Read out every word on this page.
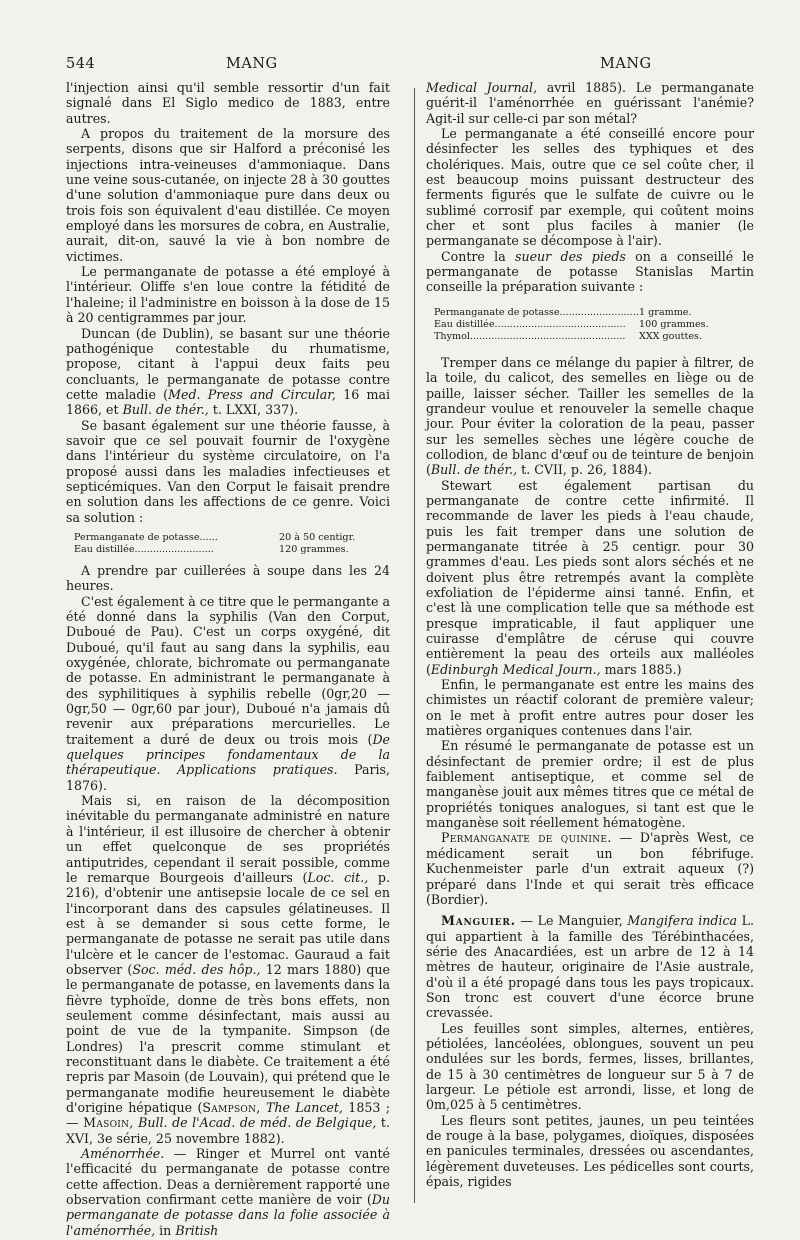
544	MANG	MANG

l'injection ainsi qu'il semble ressortir d'un fait signalé dans El Siglo medico de 1883, entre autres.

A propos du traitement de la morsure des serpents, disons que sir Halford a préconisé les injections intra-veineuses d'ammoniaque. Dans une veine sous-cutanée, on injecte 28 à 30 gouttes d'une solution d'ammoniaque pure dans deux ou trois fois son équivalent d'eau distillée. Ce moyen employé dans les morsures de cobra, en Australie, aurait, dit-on, sauvé la vie à bon nombre de victimes.

Le permanganate de potasse a été employé à l'intérieur. Oliffe s'en loue contre la fétidité de l'haleine; il l'administre en boisson à la dose de 15 à 20 centigrammes par jour.

Duncan (de Dublin), se basant sur une théorie pathogénique contestable du rhumatisme, propose, citant à l'appui deux faits peu concluants, le permanganate de potasse contre cette maladie (Med. Press and Circular, 16 mai 1866, et Bull. de thér., t. LXXI, 337).

Se basant également sur une théorie fausse, à savoir que ce sel pouvait fournir de l'oxygène dans l'intérieur du système circulatoire, on l'a proposé aussi dans les maladies infectieuses et septicémiques. Van den Corput le faisait prendre en solution dans les affections de ce genre. Voici sa solution :

Permanganate de potasse......	20 à 50 centigr.
Eau distillée..........................	120 grammes.

A prendre par cuillerées à soupe dans les 24 heures.

C'est également à ce titre que le permangante a été donné dans la syphilis (Van den Corput, Duboué de Pau). C'est un corps oxygéné, dit Duboué, qu'il faut au sang dans la syphilis, eau oxygénée, chlorate, bichromate ou permanganate de potasse. En administrant le permanganate à des syphilitiques à syphilis rebelle (0gr,20 — 0gr,50 — 0gr,60 par jour), Duboué n'a jamais dû revenir aux préparations mercurielles. Le traitement a duré de deux ou trois mois (De quelques principes fondamentaux de la thérapeutique. Applications pratiques. Paris, 1876).

Mais si, en raison de la décomposition inévitable du permanganate administré en nature à l'intérieur, il est illusoire de chercher à obtenir un effet quelconque de ses propriétés antiputrides, cependant il serait possible, comme le remarque Bourgeois d'ailleurs (Loc. cit., p. 216), d'obtenir une antisepsie locale de ce sel en l'incorporant dans des capsules gélatineuses. Il est à se demander si sous cette forme, le permanganate de potasse ne serait pas utile dans l'ulcère et le cancer de l'estomac. Gauraud a fait observer (Soc. méd. des hôp., 12 mars 1880) que le permanganate de potasse, en lavements dans la fièvre typhoïde, donne de très bons effets, non seulement comme désinfectant, mais aussi au point de vue de la tympanite. Simpson (de Londres) l'a prescrit comme stimulant et reconstituant dans le diabète. Ce traitement a été repris par Masoin (de Louvain), qui prétend que le permanganate modifie heureusement le diabète d'origine hépatique (Sampson, The Lancet, 1853 ; — Masoin, Bull. de l'Acad. de méd. de Belgique, t. XVI, 3e série, 25 novembre 1882).

Aménorrhée. — Ringer et Murrel ont vanté l'efficacité du permanganate de potasse contre cette affection. Deas a dernièrement rapporté une observation confirmant cette manière de voir (Du permanganate de potasse dans la folie associée à l'aménorrhée, in British

Medical Journal, avril 1885). Le permanganate guérit-il l'aménorrhée en guérissant l'anémie? Agit-il sur celle-ci par son métal?

Le permanganate a été conseillé encore pour désinfecter les selles des typhiques et des cholériques. Mais, outre que ce sel coûte cher, il est beaucoup moins puissant destructeur des ferments figurés que le sulfate de cuivre ou le sublimé corrosif par exemple, qui coûtent moins cher et sont plus faciles à manier (le permanganate se décompose à l'air).

Contre la sueur des pieds on a conseillé le permanganate de potasse Stanislas Martin conseille la préparation suivante :

Permanganate de potasse.......................... 1 gramme.
Eau distillée...........................................	100 grammes.
Thymol...................................................	XXX gouttes.

Tremper dans ce mélange du papier à filtrer, de la toile, du calicot, des semelles en liège ou de paille, laisser sécher. Tailler les semelles de la grandeur voulue et renouveler la semelle chaque jour. Pour éviter la coloration de la peau, passer sur les semelles sèches une légère couche de collodion, de blanc d'œuf ou de teinture de benjoin (Bull. de thér., t. CVII, p. 26, 1884).

Stewart est également partisan du permanganate de contre cette infirmité. Il recommande de laver les pieds à l'eau chaude, puis les fait tremper dans une solution de permanganate titrée à 25 centigr. pour 30 grammes d'eau. Les pieds sont alors séchés et ne doivent plus être retrempés avant la complète exfoliation de l'épiderme ainsi tanné. Enfin, et c'est là une complication telle que sa méthode est presque impraticable, il faut appliquer une cuirasse d'emplâtre de céruse qui couvre entièrement la peau des orteils aux malléoles (Edinburgh Medical Journ., mars 1885.)

Enfin, le permanganate est entre les mains des chimistes un réactif colorant de première valeur; on le met à profit entre autres pour doser les matières organiques contenues dans l'air.

En résumé le permanganate de potasse est un désinfectant de premier ordre; il est de plus faiblement antiseptique, et comme sel de manganèse jouit aux mêmes titres que ce métal de propriétés toniques analogues, si tant est que le manganèse soit réellement hématogène.

Permanganate de quinine. — D'après West, ce médicament serait un bon fébrifuge. Kuchenmeister parle d'un extrait aqueux (?) préparé dans l'Inde et qui serait très efficace (Bordier).

Manguier. — Le Manguier, Mangifera indica L. qui appartient à la famille des Térébinthacées, série des Anacardiées, est un arbre de 12 à 14 mètres de hauteur, originaire de l'Asie australe, d'où il a été propagé dans tous les pays tropicaux. Son tronc est couvert d'une écorce brune crevassée.

Les feuilles sont simples, alternes, entières, pétiolées, lancéolées, oblongues, souvent un peu ondulées sur les bords, fermes, lisses, brillantes, de 15 à 30 centimètres de longueur sur 5 à 7 de largeur. Le pétiole est arrondi, lisse, et long de 0m,025 à 5 centimètres.

Les fleurs sont petites, jaunes, un peu teintées de rouge à la base, polygames, dioïques, disposées en panicules terminales, dressées ou ascendantes, légèrement duveteuses. Les pédicelles sont courts, épais, rigides
